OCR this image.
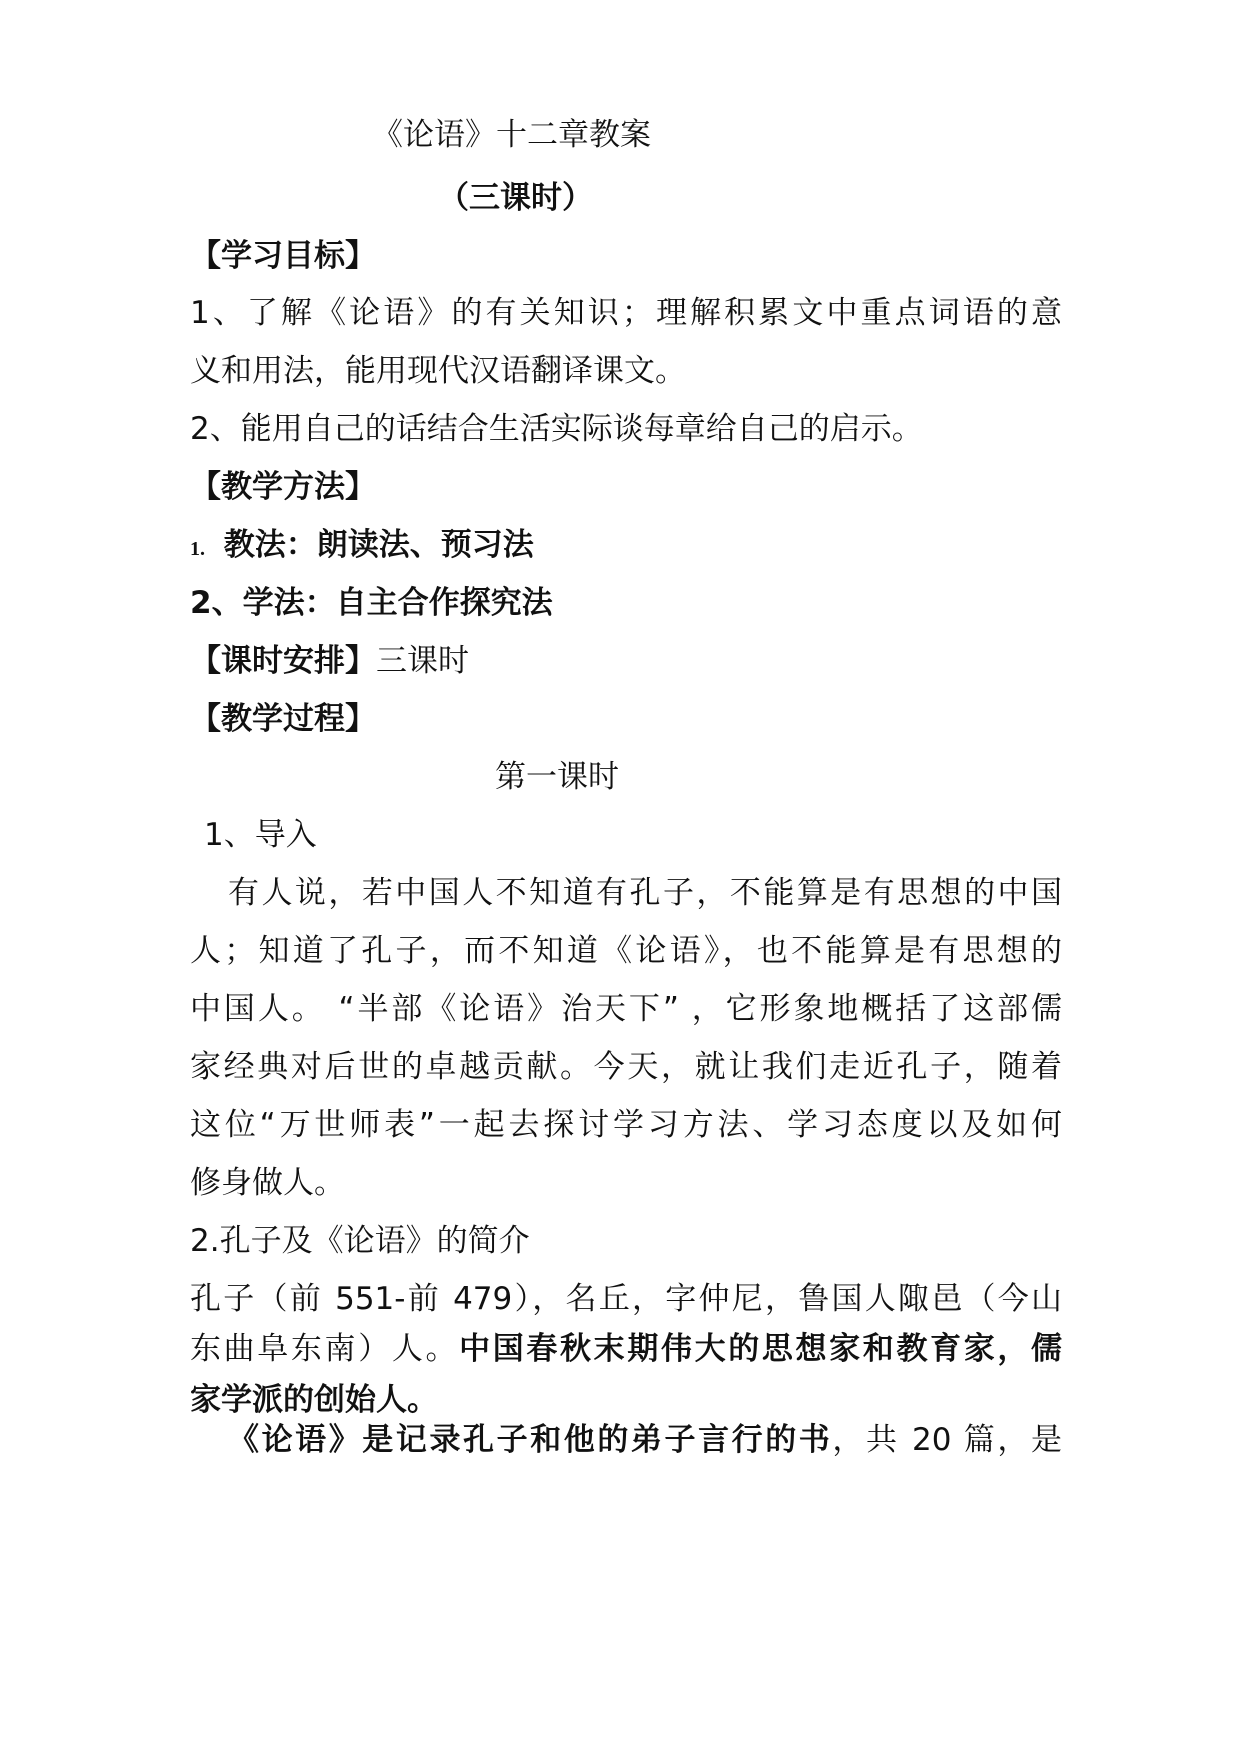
《论语》十二章教案
（三课时）
【学习目标】
1、了解《论语》的有关知识；理解积累文中重点词语的意
义和用法，能用现代汉语翻译课文。
2、能用自己的话结合生活实际谈每章给自己的启示。
【教学方法】
1. 教法：朗读法、预习法
2、学法：自主合作探究法
【课时安排】三课时
【教学过程】
第一课时
1、导入
有人说，若中国人不知道有孔子，不能算是有思想的中国
人；知道了孔子，而不知道《论语》，也不能算是有思想的
中国人。 “半部《论语》治天下” ，它形象地概括了这部儒
家经典对后世的卓越贡献。今天，就让我们走近孔子，随着
这位“万世师表”一起去探讨学习方法、学习态度以及如何
修身做人。
2.孔子及《论语》的简介
孔子（前 551-前 479），名丘，字仲尼，鲁国人陬邑（今山
东曲阜东南）人。中国春秋末期伟大的思想家和教育家，儒
家学派的创始人。
《论语》是记录孔子和他的弟子言行的书，共 20 篇，是
